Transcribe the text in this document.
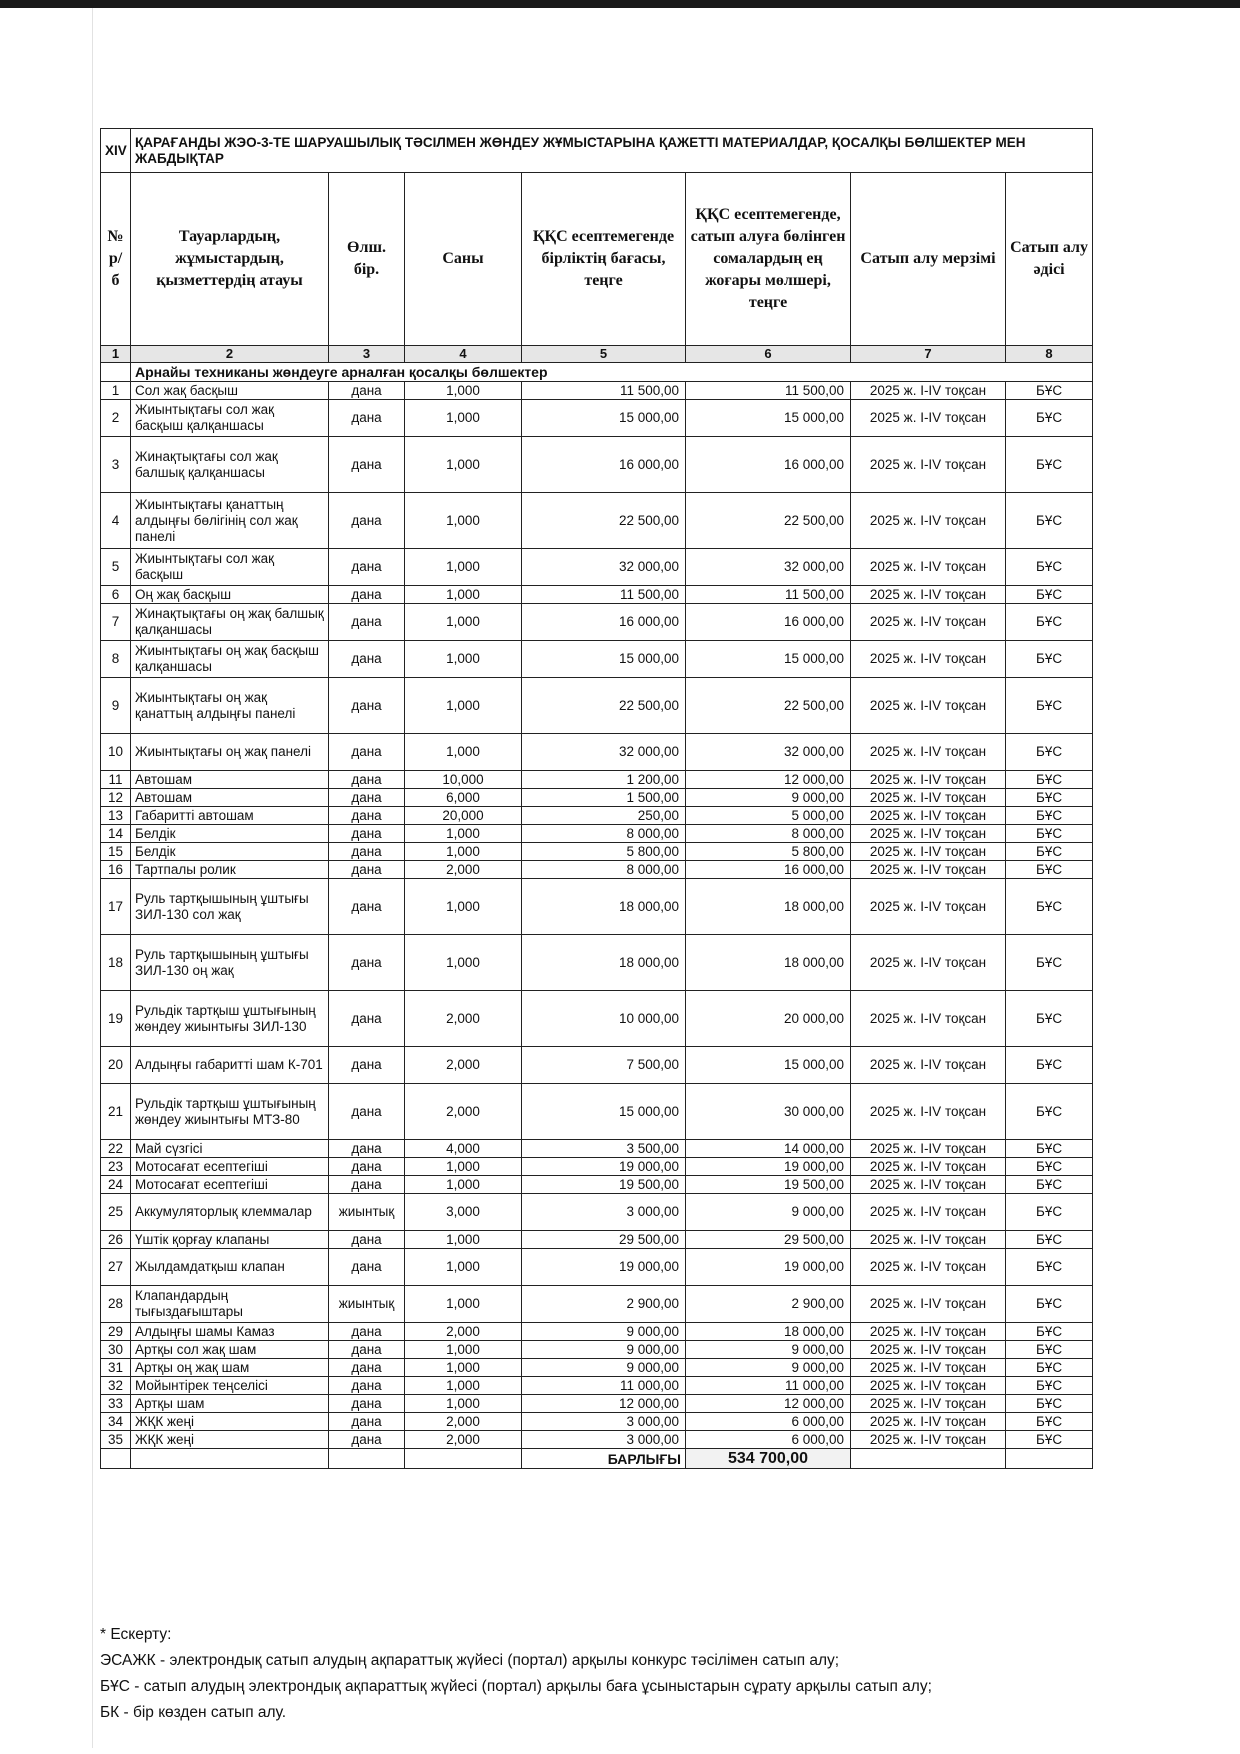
XIV	ҚАРАҒАНДЫ ЖЭО-3-ТЕ ШАРУАШЫЛЫҚ ТӘСІЛМЕН ЖӨНДЕУ ЖҰМЫСТАРЫНА ҚАЖЕТТІ МАТЕРИАЛДАР, ҚОСАЛҚЫ БӨЛШЕКТЕР МЕН ЖАБДЫҚТАР						
№ р/б	Тауарлардың, жұмыстардың, қызметтердің атауы	Өлш. бір.	Саны	ҚҚС есептемегенде бірліктің бағасы, теңге	ҚҚС есептемегенде, сатып алуға бөлінген сомалардың ең жоғары мөлшері, теңге	Сатып алу мерзімі	Сатып алу әдісі
1	2	3	4	5	6	7	8
	Арнайы техниканы жөндеуге арналған қосалқы бөлшектер						
1	Сол жақ басқыш	дана	1,000	11 500,00	11 500,00	2025 ж. I-IV тоқсан	БҰС
2	Жиынтықтағы сол жақ басқыш қалқаншасы	дана	1,000	15 000,00	15 000,00	2025 ж. I-IV тоқсан	БҰС
3	Жинақтықтағы сол жақ балшық қалқаншасы	дана	1,000	16 000,00	16 000,00	2025 ж. I-IV тоқсан	БҰС
4	Жиынтықтағы қанаттың алдыңғы бөлігінің сол жақ панелі	дана	1,000	22 500,00	22 500,00	2025 ж. I-IV тоқсан	БҰС
5	Жиынтықтағы сол жақ басқыш	дана	1,000	32 000,00	32 000,00	2025 ж. I-IV тоқсан	БҰС
6	Оң жақ басқыш	дана	1,000	11 500,00	11 500,00	2025 ж. I-IV тоқсан	БҰС
7	Жинақтықтағы оң жақ балшық қалқаншасы	дана	1,000	16 000,00	16 000,00	2025 ж. I-IV тоқсан	БҰС
8	Жиынтықтағы оң жақ басқыш қалқаншасы	дана	1,000	15 000,00	15 000,00	2025 ж. I-IV тоқсан	БҰС
9	Жиынтықтағы оң жақ қанаттың алдыңғы панелі	дана	1,000	22 500,00	22 500,00	2025 ж. I-IV тоқсан	БҰС
10	Жиынтықтағы оң жақ панелі	дана	1,000	32 000,00	32 000,00	2025 ж. I-IV тоқсан	БҰС
11	Автошам	дана	10,000	1 200,00	12 000,00	2025 ж. I-IV тоқсан	БҰС
12	Автошам	дана	6,000	1 500,00	9 000,00	2025 ж. I-IV тоқсан	БҰС
13	Габаритті автошам	дана	20,000	250,00	5 000,00	2025 ж. I-IV тоқсан	БҰС
14	Белдік	дана	1,000	8 000,00	8 000,00	2025 ж. I-IV тоқсан	БҰС
15	Белдік	дана	1,000	5 800,00	5 800,00	2025 ж. I-IV тоқсан	БҰС
16	Тартпалы ролик	дана	2,000	8 000,00	16 000,00	2025 ж. I-IV тоқсан	БҰС
17	Руль тартқышының ұштығы ЗИЛ-130 сол жақ	дана	1,000	18 000,00	18 000,00	2025 ж. I-IV тоқсан	БҰС
18	Руль тартқышының ұштығы ЗИЛ-130 оң жақ	дана	1,000	18 000,00	18 000,00	2025 ж. I-IV тоқсан	БҰС
19	Рульдік тартқыш ұштығының жөндеу жиынтығы ЗИЛ-130	дана	2,000	10 000,00	20 000,00	2025 ж. I-IV тоқсан	БҰС
20	Алдыңғы габаритті шам К-701	дана	2,000	7 500,00	15 000,00	2025 ж. I-IV тоқсан	БҰС
21	Рульдік тартқыш ұштығының жөндеу жиынтығы МТЗ-80	дана	2,000	15 000,00	30 000,00	2025 ж. I-IV тоқсан	БҰС
22	Май сүзгісі	дана	4,000	3 500,00	14 000,00	2025 ж. I-IV тоқсан	БҰС
23	Мотосағат есептегіші	дана	1,000	19 000,00	19 000,00	2025 ж. I-IV тоқсан	БҰС
24	Мотосағат есептегіші	дана	1,000	19 500,00	19 500,00	2025 ж. I-IV тоқсан	БҰС
25	Аккумуляторлық клеммалар	жиынтық	3,000	3 000,00	9 000,00	2025 ж. I-IV тоқсан	БҰС
26	Үштік қорғау клапаны	дана	1,000	29 500,00	29 500,00	2025 ж. I-IV тоқсан	БҰС
27	Жылдамдатқыш клапан	дана	1,000	19 000,00	19 000,00	2025 ж. I-IV тоқсан	БҰС
28	Клапандардың тығыздағыштары	жиынтық	1,000	2 900,00	2 900,00	2025 ж. I-IV тоқсан	БҰС
29	Алдыңғы шамы Камаз	дана	2,000	9 000,00	18 000,00	2025 ж. I-IV тоқсан	БҰС
30	Артқы сол жақ шам	дана	1,000	9 000,00	9 000,00	2025 ж. I-IV тоқсан	БҰС
31	Артқы оң жақ шам	дана	1,000	9 000,00	9 000,00	2025 ж. I-IV тоқсан	БҰС
32	Мойынтірек теңселісі	дана	1,000	11 000,00	11 000,00	2025 ж. I-IV тоқсан	БҰС
33	Артқы шам	дана	1,000	12 000,00	12 000,00	2025 ж. I-IV тоқсан	БҰС
34	ЖҚК жеңі	дана	2,000	3 000,00	6 000,00	2025 ж. I-IV тоқсан	БҰС
35	ЖҚК жеңі	дана	2,000	3 000,00	6 000,00	2025 ж. I-IV тоқсан	БҰС
				БАРЛЫҒЫ	534 700,00		
* Ескерту:
ЭСАЖК - электрондық сатып алудың ақпараттық жүйесі (портал) арқылы конкурс тәсілімен сатып алу;
БҰС - сатып алудың электрондық ақпараттық жүйесі (портал) арқылы баға ұсыныстарын сұрату арқылы сатып алу;
БК - бір көзден сатып алу.
